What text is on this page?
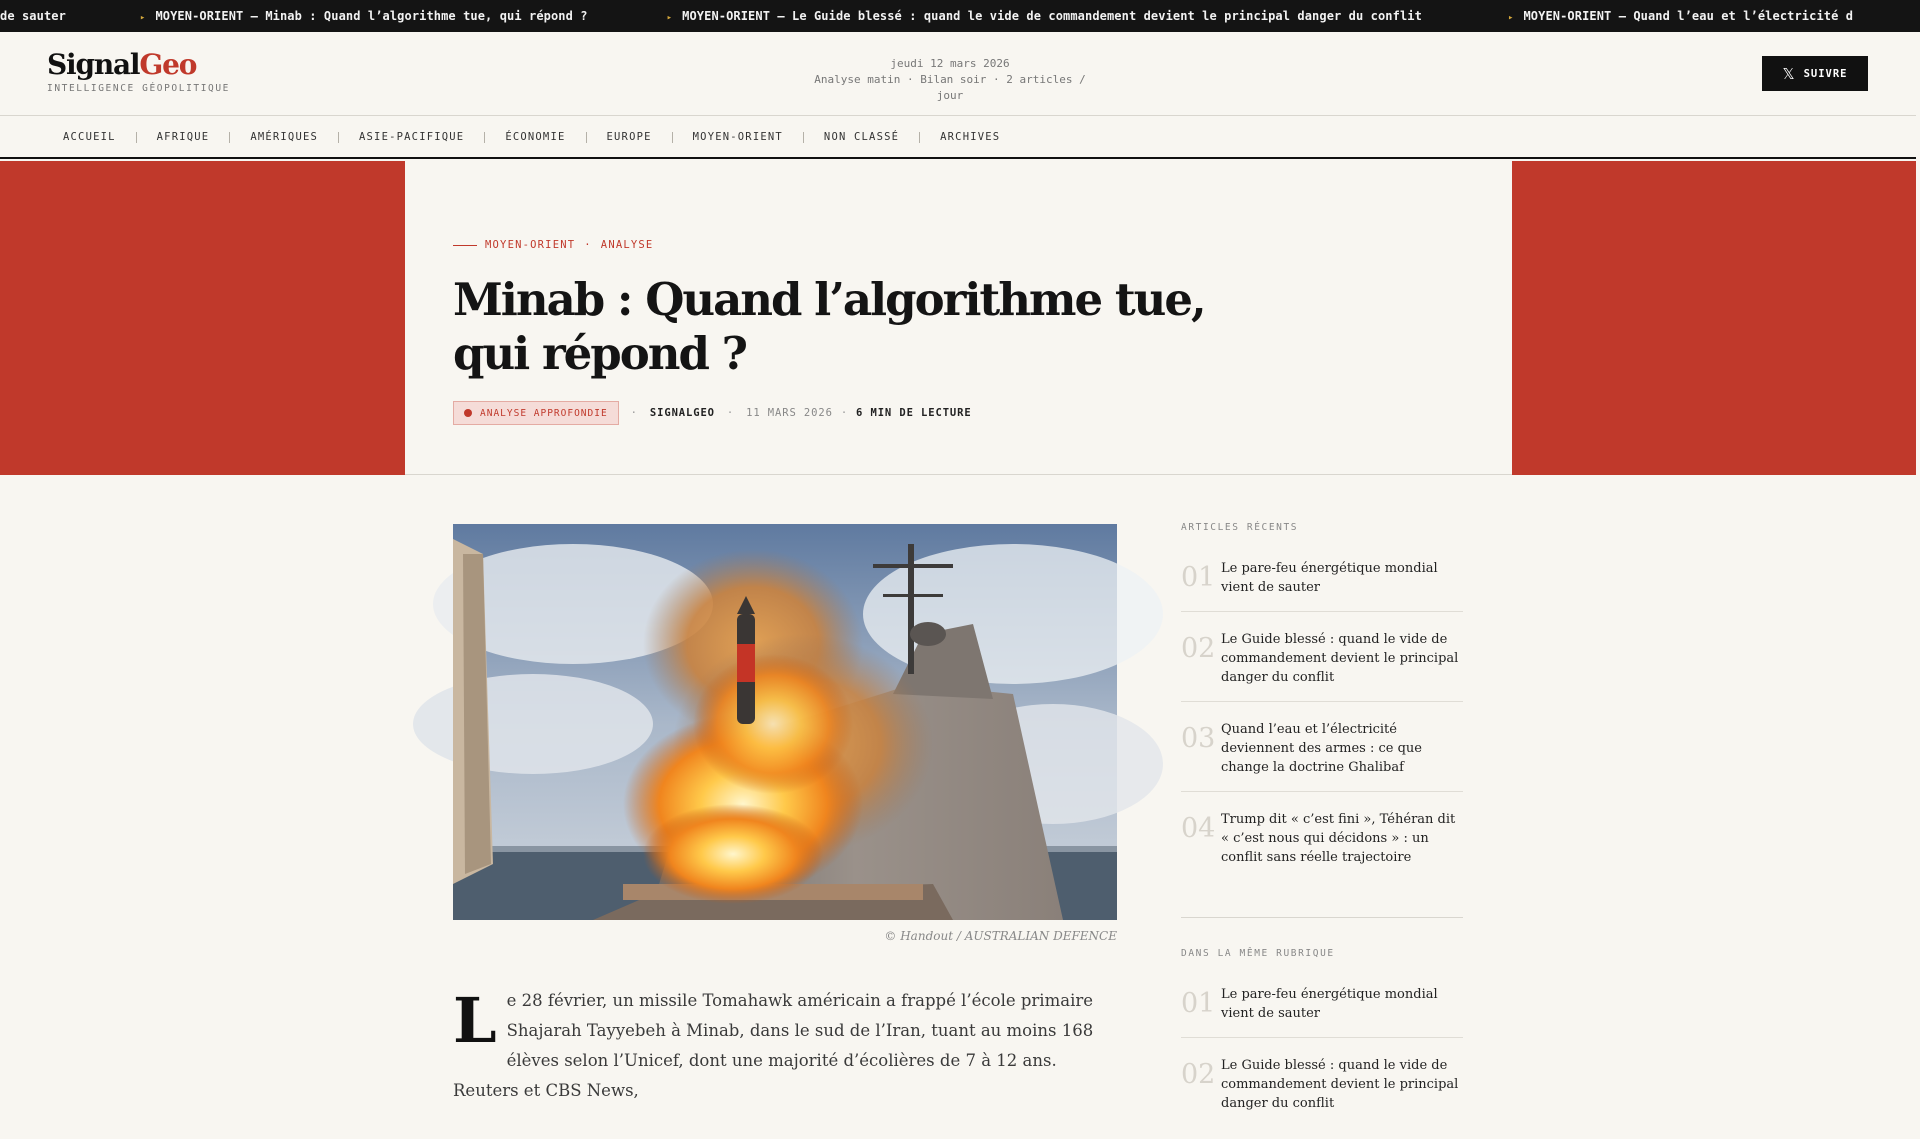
de sauter	▸ MOYEN-ORIENT — Minab : Quand l’algorithme tue, qui répond ?	▸ MOYEN-ORIENT — Le Guide blessé : quand le vide de commandement devient le principal danger du conflit	▸ MOYEN-ORIENT — Quand l’eau et l’électricité d
SignalGeo
INTELLIGENCE GÉOPOLITIQUE
jeudi 12 mars 2026
Analyse matin · Bilan soir · 2 articles / jour
𝕏 SUIVRE
ACCUEIL	AFRIQUE	AMÉRIQUES	ASIE-PACIFIQUE	ÉCONOMIE	EUROPE	MOYEN-ORIENT	NON CLASSÉ	ARCHIVES
MOYEN-ORIENT · ANALYSE
Minab : Quand l’algorithme tue, qui répond ?
ANALYSE APPROFONDIE · SIGNALGEO · 11 MARS 2026 · 6 MIN DE LECTURE
© Handout / AUSTRALIAN DEFENCE
L e 28 février, un missile Tomahawk américain a frappé l’école primaire Shajarah Tayyebeh à Minab, dans le sud de l’Iran, tuant au moins 168 élèves selon l’Unicef, dont une majorité d’écolières de 7 à 12 ans. Reuters et CBS News,
ARTICLES RÉCENTS
01 Le pare-feu énergétique mondial vient de sauter
02 Le Guide blessé : quand le vide de commandement devient le principal danger du conflit
03 Quand l’eau et l’électricité deviennent des armes : ce que change la doctrine Ghalibaf
04 Trump dit « c’est fini », Téhéran dit « c’est nous qui décidons » : un conflit sans réelle trajectoire
DANS LA MÊME RUBRIQUE
01 Le pare-feu énergétique mondial vient de sauter
02 Le Guide blessé : quand le vide de commandement devient le principal danger du conflit
